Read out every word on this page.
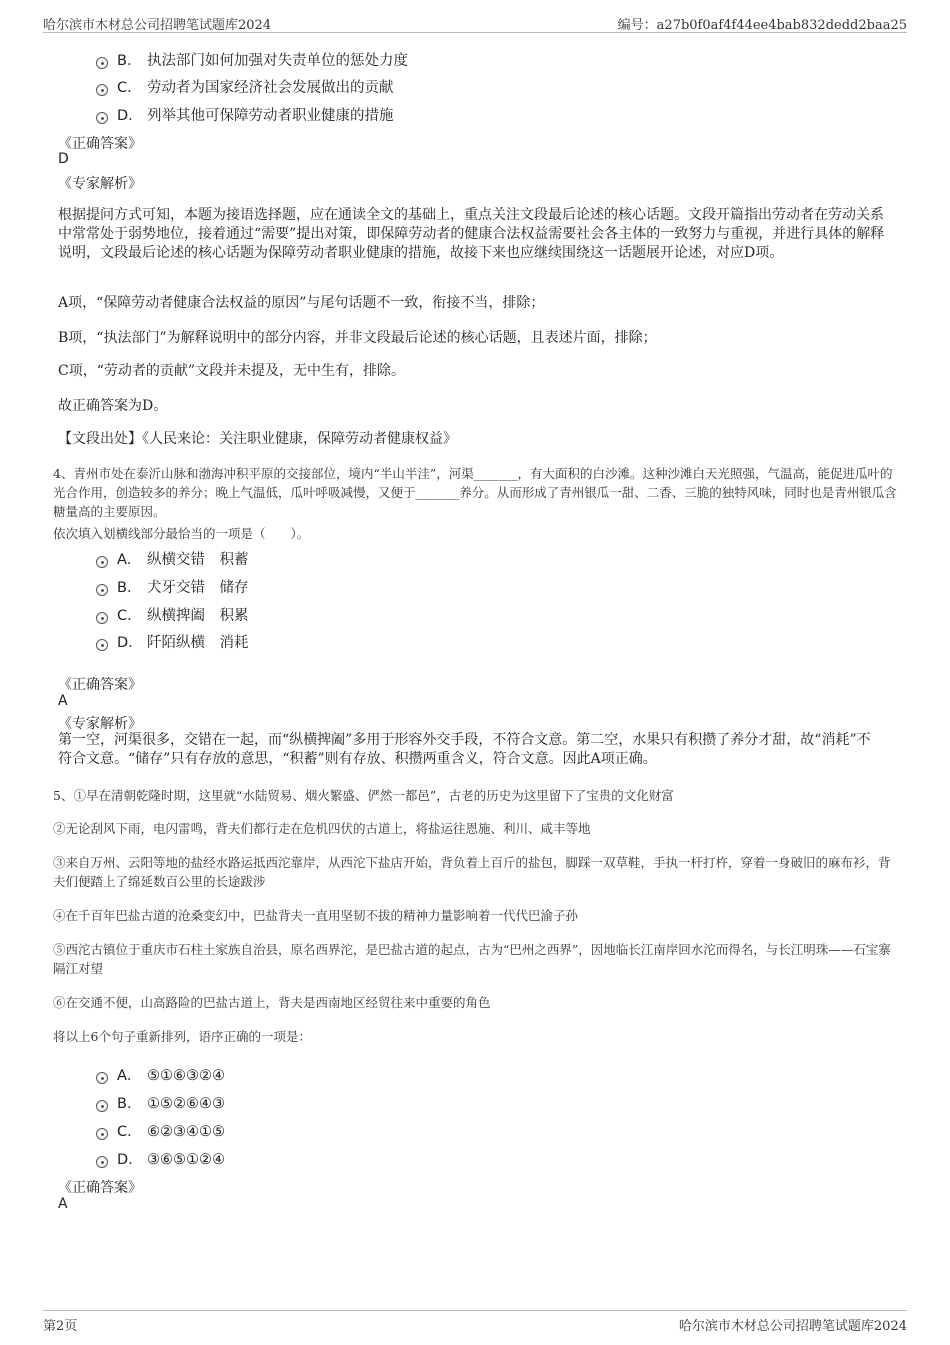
哈尔滨市木材总公司招聘笔试题库2024	编号：a27b0f0af4f44ee4bab832dedd2baa25
B． 执法部门如何加强对失责单位的惩处力度
C． 劳动者为国家经济社会发展做出的贡献
D． 列举其他可保障劳动者职业健康的措施
《正确答案》
D
《专家解析》
根据提问方式可知，本题为接语选择题，应在通读全文的基础上，重点关注文段最后论述的核心话题。文段开篇指出劳动者在劳动关系中常常处于弱势地位，接着通过“需要”提出对策，即保障劳动者的健康合法权益需要社会各主体的一致努力与重视，并进行具体的解释说明，文段最后论述的核心话题为保障劳动者职业健康的措施，故接下来也应继续围绕这一话题展开论述，对应D项。
A项，“保障劳动者健康合法权益的原因”与尾句话题不一致，衔接不当，排除；
B项，“执法部门”为解释说明中的部分内容，并非文段最后论述的核心话题，且表述片面，排除；
C项，“劳动者的贡献”文段并未提及，无中生有，排除。
故正确答案为D。
【文段出处】《人民来论：关注职业健康，保障劳动者健康权益》
4、青州市处在泰沂山脉和渤海冲积平原的交接部位，境内“半山半洼”，河渠_______，有大面积的白沙滩。这种沙滩白天光照强，气温高，能促进瓜叶的光合作用，创造较多的养分；晚上气温低，瓜叶呼吸减慢，又便于_______养分。从而形成了青州银瓜一甜、二香、三脆的独特风味，同时也是青州银瓜含糖量高的主要原因。
依次填入划横线部分最恰当的一项是（　　）。
A． 纵横交错　积蓄
B． 犬牙交错　储存
C． 纵横捭阖　积累
D． 阡陌纵横　消耗
《正确答案》
A
《专家解析》
第一空，河渠很多，交错在一起，而“纵横捭阖”多用于形容外交手段，不符合文意。第二空，水果只有积攒了养分才甜，故“消耗”不符合文意。“储存”只有存放的意思，“积蓄”则有存放、积攒两重含义，符合文意。因此A项正确。
5、①早在清朝乾隆时期，这里就“水陆贸易、烟火繁盛、俨然一都邑”，古老的历史为这里留下了宝贵的文化财富
②无论刮风下雨，电闪雷鸣，背夫们都行走在危机四伏的古道上，将盐运往恩施、利川、咸丰等地
③来自万州、云阳等地的盐经水路运抵西沱靠岸，从西沱下盐店开始，背负着上百斤的盐包，脚踩一双草鞋，手执一杆打杵，穿着一身破旧的麻布衫，背夫们便踏上了绵延数百公里的长途跋涉
④在千百年巴盐古道的沧桑变幻中，巴盐背夫一直用坚韧不拔的精神力量影响着一代代巴渝子孙
⑤西沱古镇位于重庆市石柱土家族自治县，原名西界沱，是巴盐古道的起点，古为“巴州之西界”，因地临长江南岸回水沱而得名，与长江明珠——石宝寨隔江对望
⑥在交通不便，山高路险的巴盐古道上，背夫是西南地区经贸往来中重要的角色
将以上6个句子重新排列，语序正确的一项是：
A． ⑤①⑥③②④
B． ①⑤②⑥④③
C． ⑥②③④①⑤
D． ③⑥⑤①②④
《正确答案》
A
第2页	哈尔滨市木材总公司招聘笔试题库2024
